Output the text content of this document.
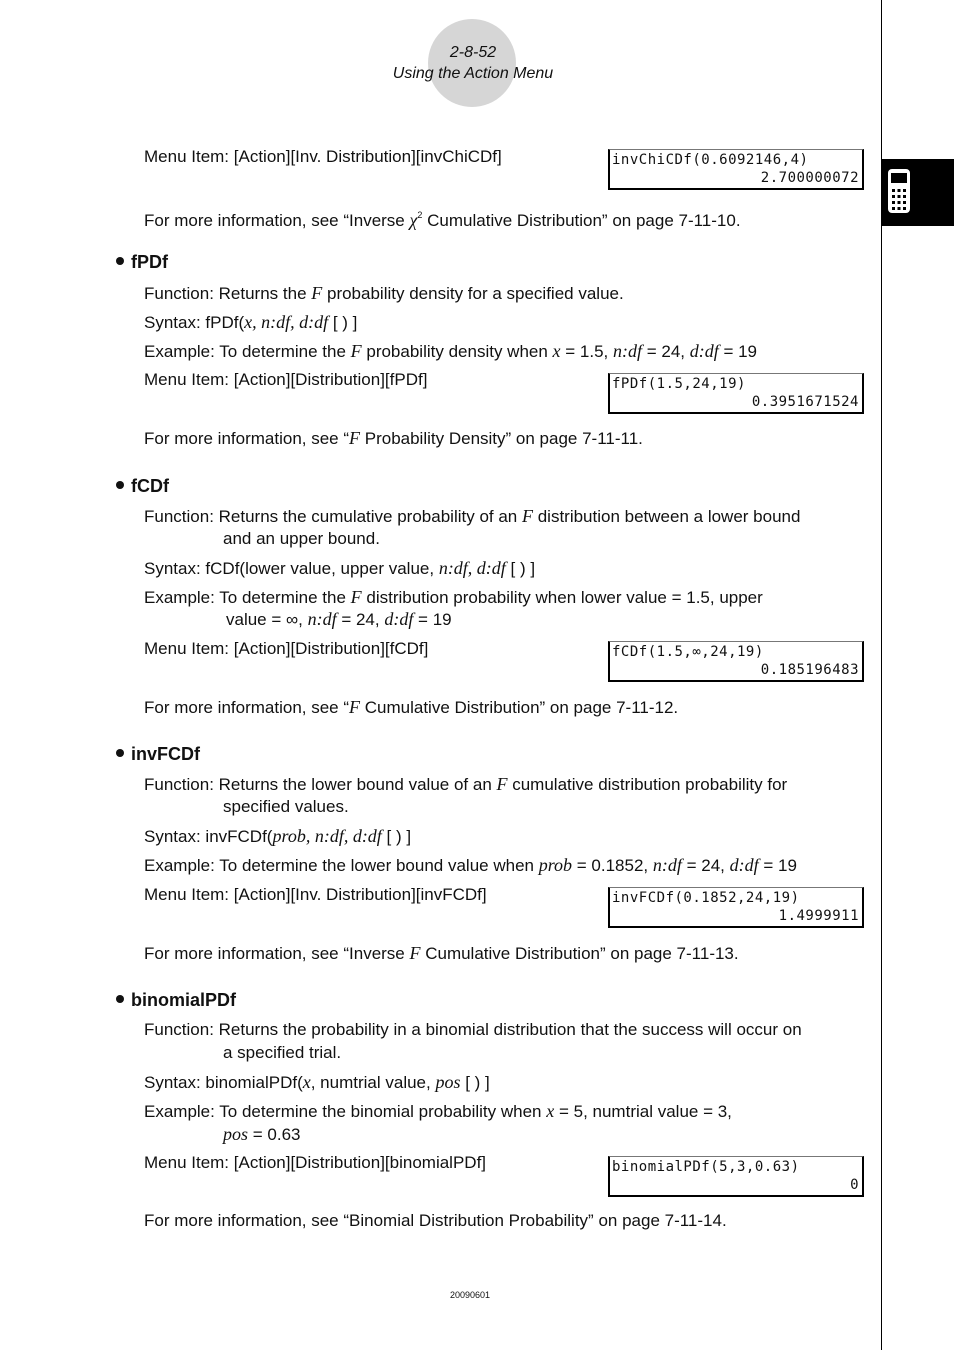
2-8-52
Using the Action Menu
Menu Item: [Action][Inv. Distribution][invChiCDf]	invChiCDf(0.6092146,4)
2.700000072
For more information, see “Inverse $\chi^2$ Cumulative Distribution” on page 7-11-10.
fPDf
Function: Returns the F probability density for a specified value.
Syntax: fPDf(x, n:df, d:df [ ) ]
Example: To determine the F probability density when x = 1.5, n:df = 24, d:df = 19
Menu Item: [Action][Distribution][fPDf]	fPDf(1.5,24,19)
0.3951671524
For more information, see “F Probability Density” on page 7-11-11.
fCDf
Function: Returns the cumulative probability of an F distribution between a lower bound
and an upper bound.
Syntax: fCDf(lower value, upper value, n:df, d:df [ ) ]
Example: To determine the F distribution probability when lower value = 1.5, upper
value = ∞, n:df = 24, d:df = 19
Menu Item: [Action][Distribution][fCDf]	fCDf(1.5,∞,24,19)
0.185196483
For more information, see “F Cumulative Distribution” on page 7-11-12.
invFCDf
Function: Returns the lower bound value of an F cumulative distribution probability for
specified values.
Syntax: invFCDf(prob, n:df, d:df [ ) ]
Example: To determine the lower bound value when prob = 0.1852, n:df = 24, d:df = 19
Menu Item: [Action][Inv. Distribution][invFCDf]	invFCDf(0.1852,24,19)
1.4999911
For more information, see “Inverse F Cumulative Distribution” on page 7-11-13.
binomialPDf
Function: Returns the probability in a binomial distribution that the success will occur on
a specified trial.
Syntax: binomialPDf(x, numtrial value, pos [ ) ]
Example: To determine the binomial probability when x = 5, numtrial value = 3,
pos = 0.63
Menu Item: [Action][Distribution][binomialPDf]	binomialPDf(5,3,0.63)
0
For more information, see “Binomial Distribution Probability” on page 7-11-14.
20090601
